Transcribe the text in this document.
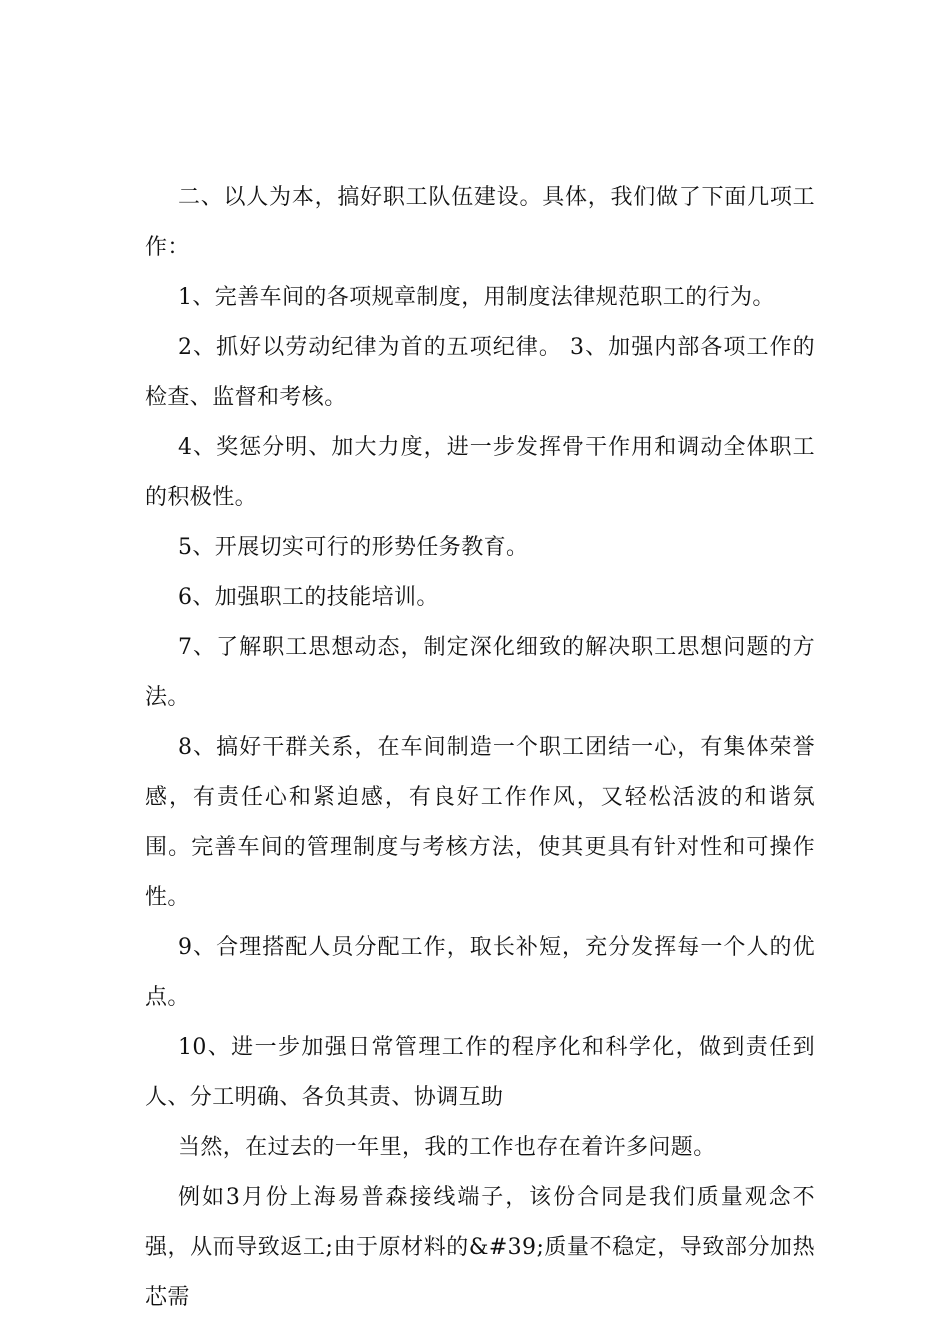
二、以人为本，搞好职工队伍建设。具体，我们做了下面几项工作：

1、完善车间的各项规章制度，用制度法律规范职工的行为。

2、抓好以劳动纪律为首的五项纪律。 3、加强内部各项工作的检查、监督和考核。

4、奖惩分明、加大力度，进一步发挥骨干作用和调动全体职工的积极性。

5、开展切实可行的形势任务教育。

6、加强职工的技能培训。

7、了解职工思想动态，制定深化细致的解决职工思想问题的方法。

8、搞好干群关系，在车间制造一个职工团结一心，有集体荣誉感，有责任心和紧迫感，有良好工作作风，又轻松活波的和谐氛围。完善车间的管理制度与考核方法，使其更具有针对性和可操作性。

9、合理搭配人员分配工作，取长补短，充分发挥每一个人的优点。

10、进一步加强日常管理工作的程序化和科学化，做到责任到人、分工明确、各负其责、协调互助

当然，在过去的一年里，我的工作也存在着许多问题。

例如3月份上海易普森接线端子，该份合同是我们质量观念不强，从而导致返工;由于原材料的&#39;质量不稳定，导致部分加热芯需
